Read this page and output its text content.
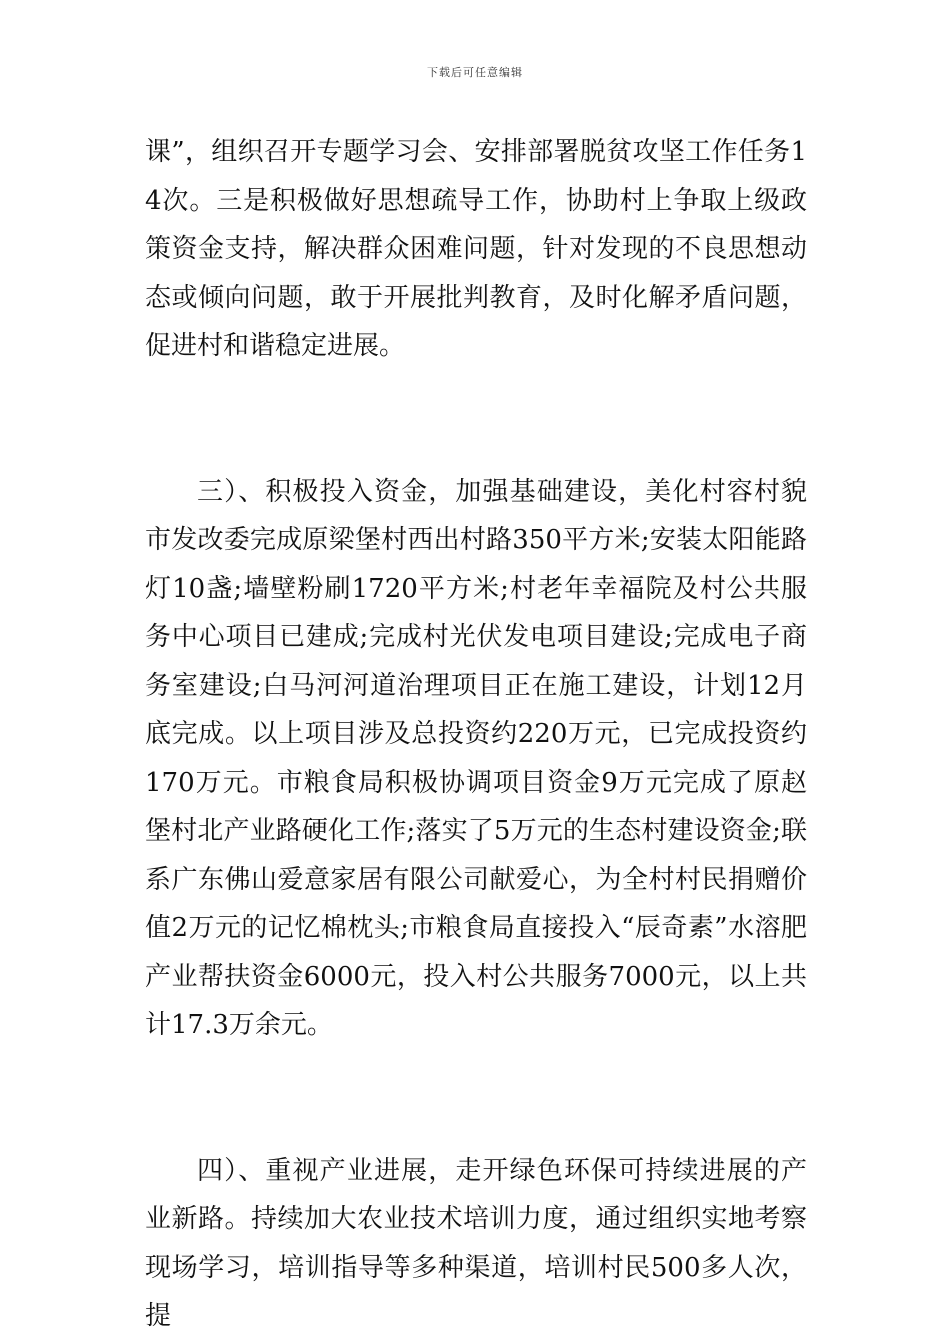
下载后可任意编辑

课”，组织召开专题学习会、安排部署脱贫攻坚工作任务14次。三是积极做好思想疏导工作，协助村上争取上级政策资金支持，解决群众困难问题，针对发现的不良思想动态或倾向问题，敢于开展批判教育，及时化解矛盾问题，促进村和谐稳定进展。

三）、积极投入资金，加强基础建设，美化村容村貌市发改委完成原梁堡村西出村路350平方米;安装太阳能路灯10盏;墙壁粉刷1720平方米;村老年幸福院及村公共服务中心项目已建成;完成村光伏发电项目建设;完成电子商务室建设;白马河河道治理项目正在施工建设，计划12月底完成。以上项目涉及总投资约220万元，已完成投资约170万元。市粮食局积极协调项目资金9万元完成了原赵堡村北产业路硬化工作;落实了5万元的生态村建设资金;联系广东佛山爱意家居有限公司献爱心，为全村村民捐赠价值2万元的记忆棉枕头;市粮食局直接投入“辰奇素”水溶肥产业帮扶资金6000元，投入村公共服务7000元，以上共计17.3万余元。

四）、重视产业进展，走开绿色环保可持续进展的产业新路。持续加大农业技术培训力度，通过组织实地考察现场学习，培训指导等多种渠道，培训村民500多人次，提
